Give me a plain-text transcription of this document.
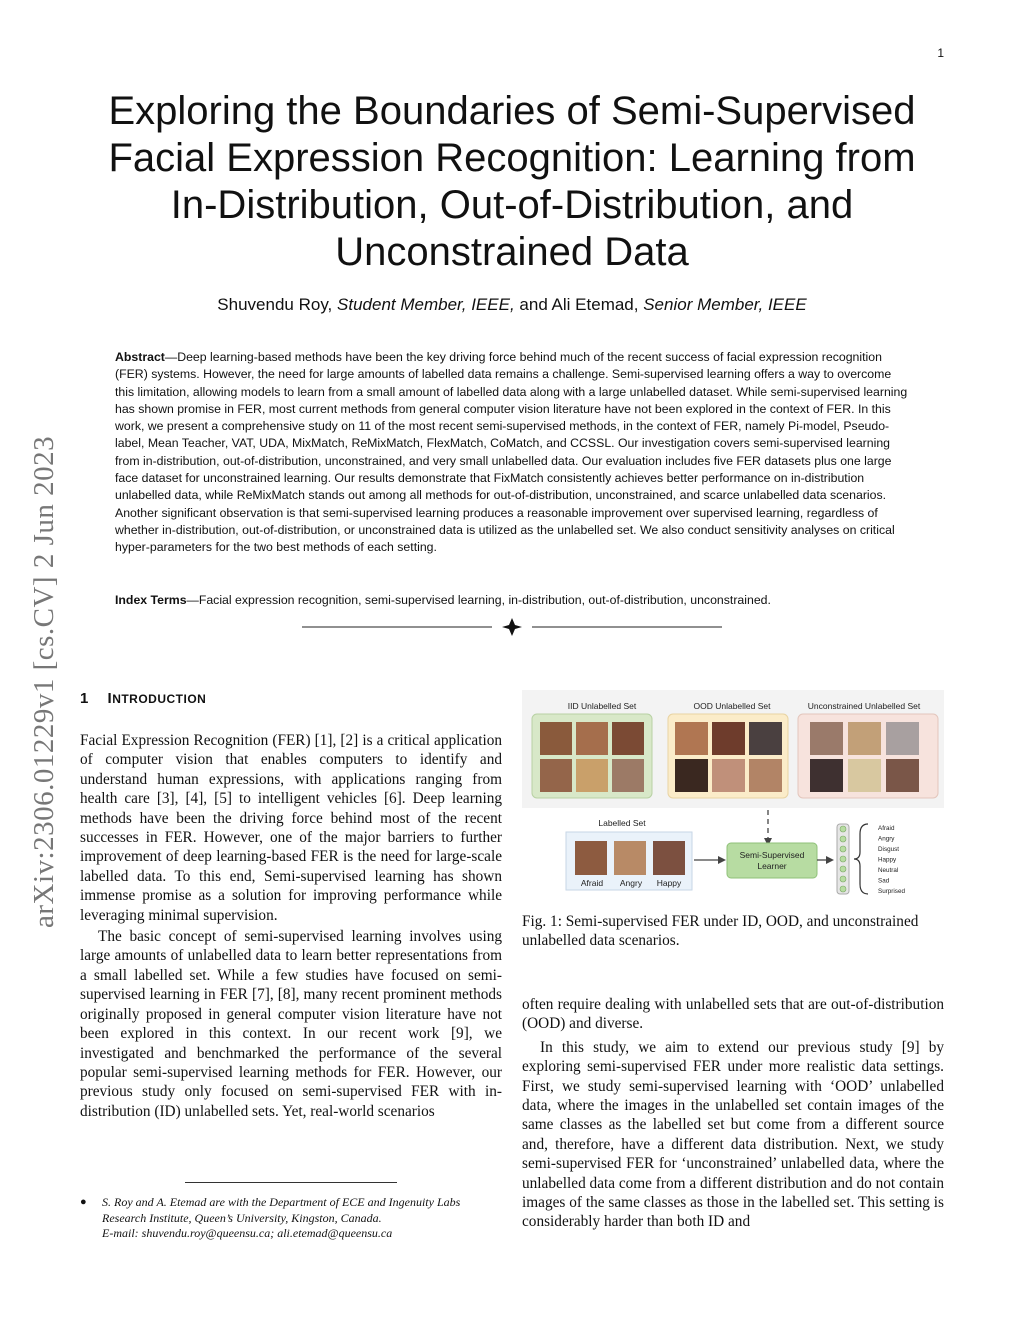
1
Exploring the Boundaries of Semi-Supervised Facial Expression Recognition: Learning from In-Distribution, Out-of-Distribution, and Unconstrained Data
Shuvendu Roy, Student Member, IEEE, and Ali Etemad, Senior Member, IEEE

Abstract—Deep learning-based methods have been the key driving force behind much of the recent success of facial expression recognition (FER) systems. However, the need for large amounts of labelled data remains a challenge. Semi-supervised learning offers a way to overcome this limitation, allowing models to learn from a small amount of labelled data along with a large unlabelled dataset. While semi-supervised learning has shown promise in FER, most current methods from general computer vision literature have not been explored in the context of FER. In this work, we present a comprehensive study on 11 of the most recent semi-supervised methods, in the context of FER, namely Pi-model, Pseudo-label, Mean Teacher, VAT, UDA, MixMatch, ReMixMatch, FlexMatch, CoMatch, and CCSSL. Our investigation covers semi-supervised learning from in-distribution, out-of-distribution, unconstrained, and very small unlabelled data. Our evaluation includes five FER datasets plus one large face dataset for unconstrained learning. Our results demonstrate that FixMatch consistently achieves better performance on in-distribution unlabelled data, while ReMixMatch stands out among all methods for out-of-distribution, unconstrained, and scarce unlabelled data scenarios. Another significant observation is that semi-supervised learning produces a reasonable improvement over supervised learning, regardless of whether in-distribution, out-of-distribution, or unconstrained data is utilized as the unlabelled set. We also conduct sensitivity analyses on critical hyper-parameters for the two best methods of each setting.

Index Terms—Facial expression recognition, semi-supervised learning, in-distribution, out-of-distribution, unconstrained.

arXiv:2306.01229v1 [cs.CV] 2 Jun 2023 1 INTRODUCTION

Facial Expression Recognition (FER) [1], [2] is a critical application of computer vision that enables computers to identify and understand human expressions, with applications ranging from health care [3], [4], [5] to intelligent vehicles [6]. Deep learning methods have been the driving force behind most of the recent successes in FER. However, one of the major barriers to further improvement of deep learning-based FER is the need for large-scale labelled data. To this end, Semi-supervised learning has shown immense promise as a solution for improving performance while leveraging minimal supervision.

The basic concept of semi-supervised learning involves using large amounts of unlabelled data to learn better representations from a small labelled set. While a few studies have focused on semi-supervised learning in FER [7], [8], many recent prominent methods originally proposed in general computer vision literature have not been explored in this context. In our recent work [9], we investigated and benchmarked the performance of the several popular semi-supervised learning methods for FER. However, our previous study only focused on semi-supervised FER with in-distribution (ID) unlabelled sets. Yet, real-world scenarios

IID Unlabelled Set	OOD Unlabelled Set	Unconstrained Unlabelled Set
Labelled Set
Afraid Angry Happy
Semi-Supervised
Learner
Afraid
Angry
Disgust
Happy
Neutral
Sad
Surprised
Fig. 1: Semi-supervised FER under ID, OOD, and unconstrained unlabelled data scenarios.

often require dealing with unlabelled sets that are out-of-distribution (OOD) and diverse.

In this study, we aim to extend our previous study [9] by exploring semi-supervised FER under more realistic data settings. First, we study semi-supervised learning with ‘OOD’ unlabelled data, where the images in the unlabelled set contain images of the same classes as the labelled set but come from a different source and, therefore, have a different data distribution. Next, we study semi-supervised FER for ‘unconstrained’ unlabelled data, where the unlabelled data come from a different distribution and do not contain images of the same classes as those in the labelled set. This setting is considerably harder than both ID and

● S. Roy and A. Etemad are with the Department of ECE and Ingenuity Labs Research Institute, Queen’s University, Kingston, Canada.
E-mail: shuvendu.roy@queensu.ca; ali.etemad@queensu.ca
